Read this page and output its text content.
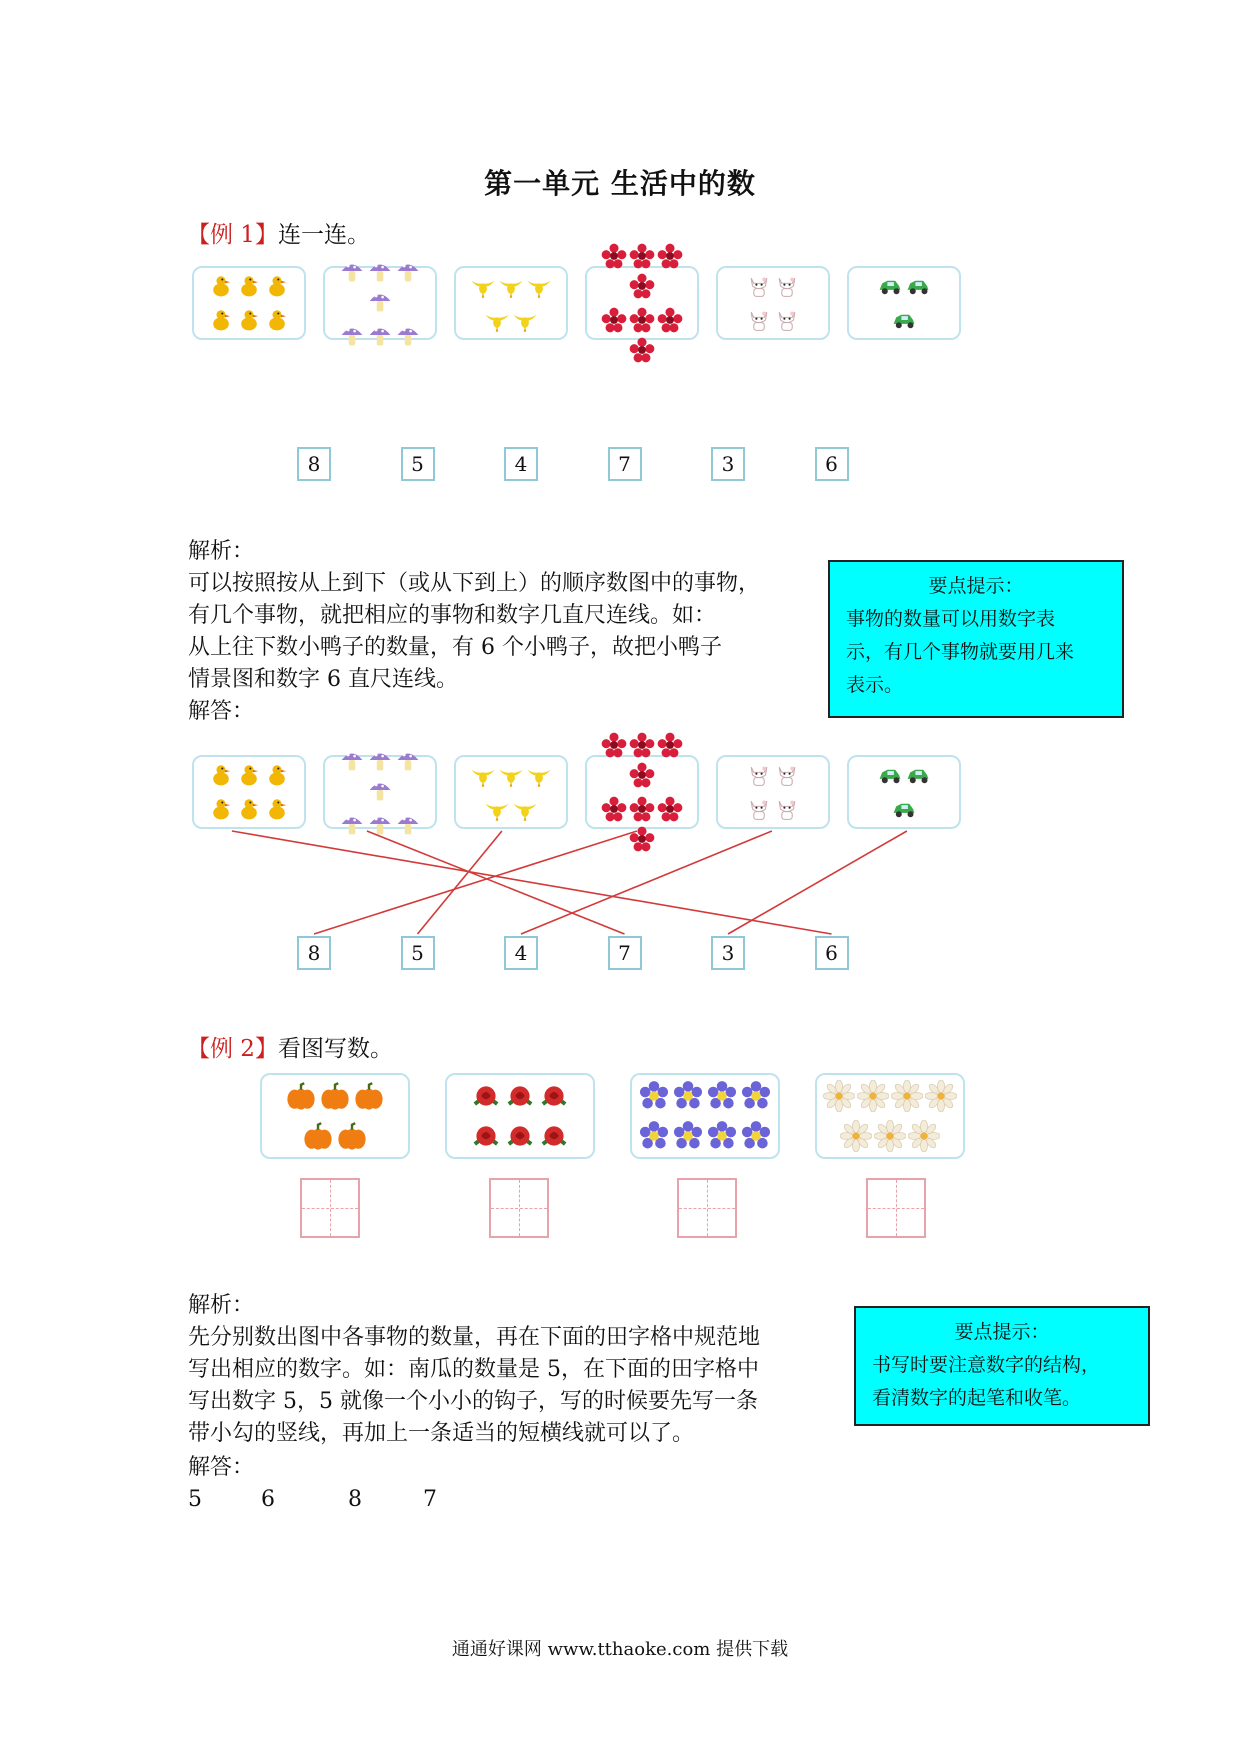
第一单元 生活中的数
【例 1】连一连。
8	5	4	7	3	6
解析：
可以按照按从上到下（或从下到上）的顺序数图中的事物，
有几个事物，就把相应的事物和数字几直尺连线。如：
从上往下数小鸭子的数量，有 6 个小鸭子，故把小鸭子
情景图和数字 6 直尺连线。
解答：
要点提示：
事物的数量可以用数字表
示，有几个事物就要用几来
表示。
8	5	4	7	3	6
【例 2】看图写数。
解析：
先分别数出图中各事物的数量，再在下面的田字格中规范地
写出相应的数字。如：南瓜的数量是 5，在下面的田字格中
写出数字 5，5 就像一个小小的钩子，写的时候要先写一条
带小勾的竖线，再加上一条适当的短横线就可以了。
解答：
5	6	8	7
要点提示：
书写时要注意数字的结构，
看清数字的起笔和收笔。
通通好课网 www.tthaoke.com 提供下载
